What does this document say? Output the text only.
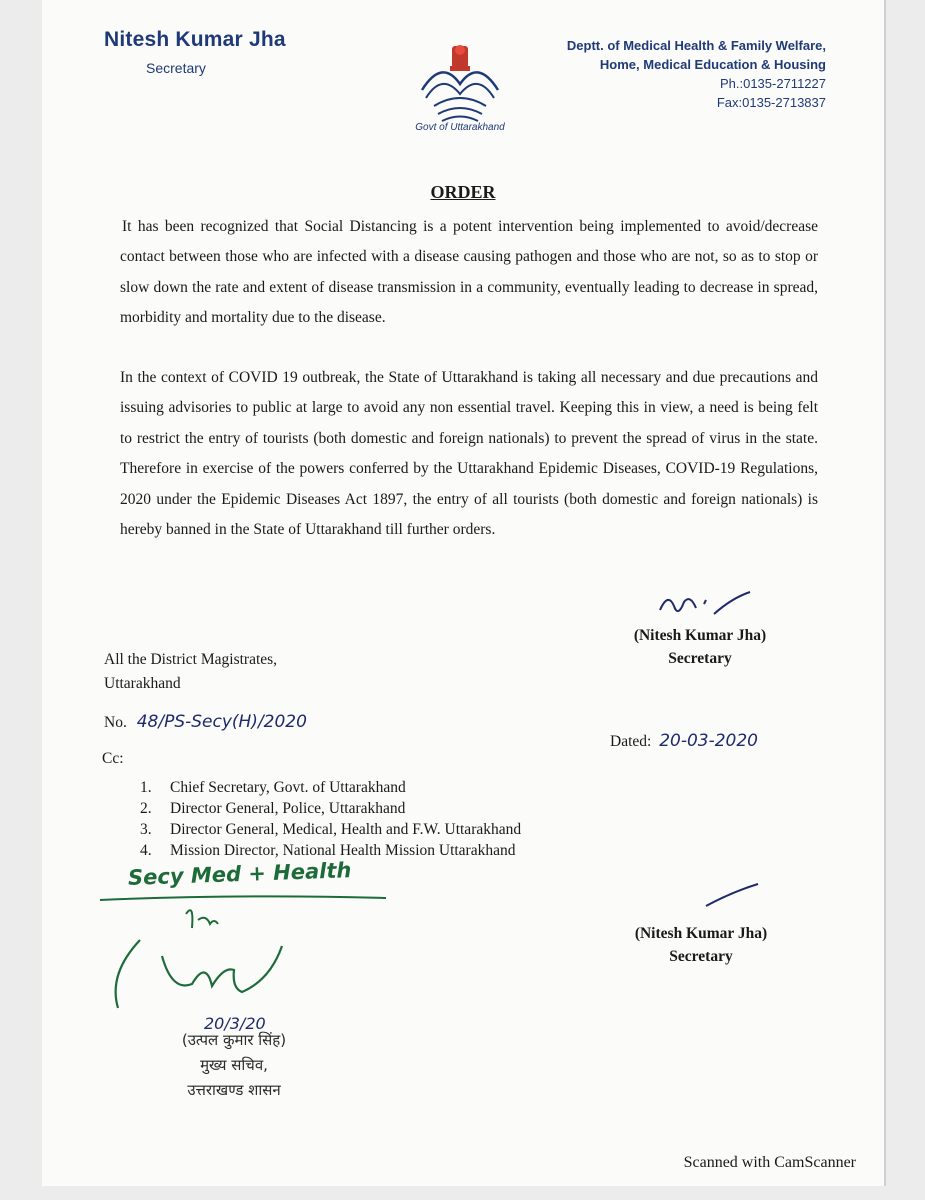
Nitesh Kumar Jha
Secretary
Govt of Uttarakhand
Deptt. of Medical Health & Family Welfare,
Home, Medical Education & Housing
Ph.:0135-2711227
Fax:0135-2713837
ORDER
It has been recognized that Social Distancing is a potent intervention being implemented to avoid/decrease contact between those who are infected with a disease causing pathogen and those who are not, so as to stop or slow down the rate and extent of disease transmission in a community, eventually leading to decrease in spread, morbidity and mortality due to the disease.
In the context of COVID 19 outbreak, the State of Uttarakhand is taking all necessary and due precautions and issuing advisories to public at large to avoid any non essential travel. Keeping this in view, a need is being felt to restrict the entry of tourists (both domestic and foreign nationals) to prevent the spread of virus in the state. Therefore in exercise of the powers conferred by the Uttarakhand Epidemic Diseases, COVID-19 Regulations, 2020 under the Epidemic Diseases Act 1897, the entry of all tourists (both domestic and foreign nationals) is hereby banned in the State of Uttarakhand till further orders.
(Nitesh Kumar Jha)
Secretary
All the District Magistrates,
Uttarakhand
No. 48/PS-Secy(H)/2020
Dated: 20-03-2020
Cc:
1. Chief Secretary, Govt. of Uttarakhand
2. Director General, Police, Uttarakhand
3. Director General, Medical, Health and F.W. Uttarakhand
4. Mission Director, National Health Mission Uttarakhand
Secy Med + Health
20/3/20
(उत्पल कुमार सिंह)
मुख्य सचिव,
उत्तराखण्ड शासन
(Nitesh Kumar Jha)
Secretary
Scanned with CamScanner
